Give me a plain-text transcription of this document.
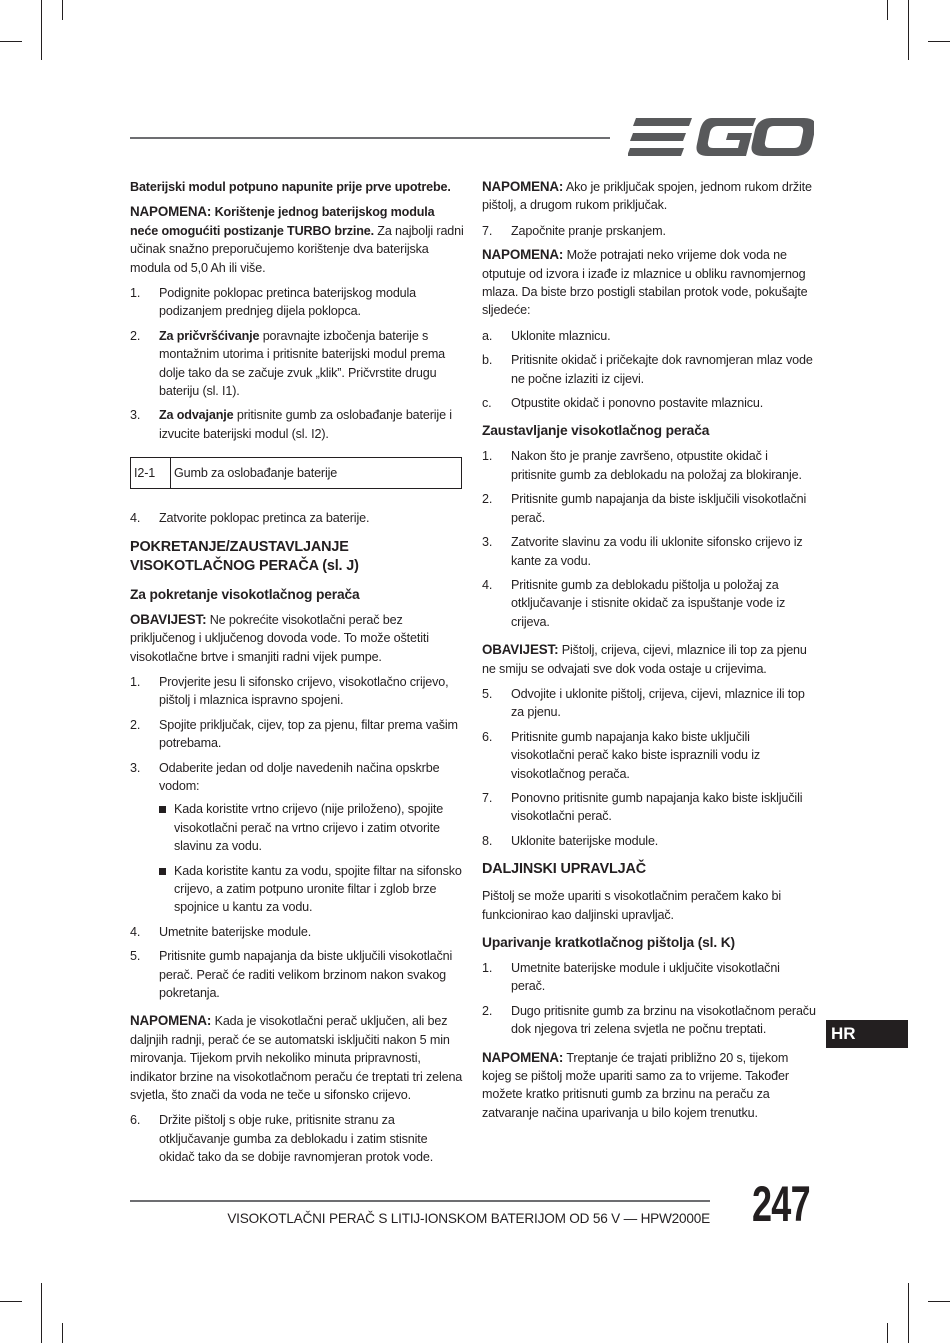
Baterijski modul potpuno napunite prije prve upotrebe.

NAPOMENA: Korištenje jednog baterijskog modula neće omogućiti postizanje TURBO brzine. Za najbolji radni učinak snažno preporučujemo korištenje dva baterijska modula od 5,0 Ah ili više.

1. Podignite poklopac pretinca baterijskog modula podizanjem prednjeg dijela poklopca.
2. Za pričvršćivanje poravnajte izbočenja baterije s montažnim utorima i pritisnite baterijski modul prema dolje tako da se začuje zvuk „klik”. Pričvrstite drugu bateriju (sl. I1).
3. Za odvajanje pritisnite gumb za oslobađanje baterije i izvucite baterijski modul (sl. I2).
I2-1	Gumb za oslobađanje baterije
4. Zatvorite poklopac pretinca za baterije.
POKRETANJE/ZAUSTAVLJANJE VISOKOTLAČNOG PERAČA (sl. J)
Za pokretanje visokotlačnog perača

OBAVIJEST: Ne pokrećite visokotlačni perač bez priključenog i uključenog dovoda vode. To može oštetiti visokotlačne brtve i smanjiti radni vijek pumpe.

1. Provjerite jesu li sifonsko crijevo, visokotlačno crijevo, pištolj i mlaznica ispravno spojeni.
2. Spojite priključak, cijev, top za pjenu, filtar prema vašim potrebama.
3. Odaberite jedan od dolje navedenih načina opskrbe vodom:
Kada koristite vrtno crijevo (nije priloženo), spojite visokotlačni perač na vrtno crijevo i zatim otvorite slavinu za vodu.
Kada koristite kantu za vodu, spojite filtar na sifonsko crijevo, a zatim potpuno uronite filtar i zglob brze spojnice u kantu za vodu.
4. Umetnite baterijske module.
5. Pritisnite gumb napajanja da biste uključili visokotlačni perač. Perač će raditi velikom brzinom nakon svakog pokretanja.

NAPOMENA: Kada je visokotlačni perač uključen, ali bez daljnjih radnji, perač će se automatski isključiti nakon 5 min mirovanja. Tijekom prvih nekoliko minuta pripravnosti, indikator brzine na visokotlačnom peraču će treptati tri zelena svjetla, što znači da voda ne teče u sifonsko crijevo.

6. Držite pištolj s obje ruke, pritisnite stranu za otključavanje gumba za deblokadu i zatim stisnite okidač tako da se dobije ravnomjeran protok vode.

NAPOMENA: Ako je priključak spojen, jednom rukom držite pištolj, a drugom rukom priključak.

7. Započnite pranje prskanjem.

NAPOMENA: Može potrajati neko vrijeme dok voda ne otputuje od izvora i izađe iz mlaznice u obliku ravnomjernog mlaza. Da biste brzo postigli stabilan protok vode, pokušajte sljedeće:

a. Uklonite mlaznicu.
b. Pritisnite okidač i pričekajte dok ravnomjeran mlaz vode ne počne izlaziti iz cijevi.
c. Otpustite okidač i ponovno postavite mlaznicu.
Zaustavljanje visokotlačnog perača
1. Nakon što je pranje završeno, otpustite okidač i pritisnite gumb za deblokadu na položaj za blokiranje.
2. Pritisnite gumb napajanja da biste isključili visokotlačni perač.
3. Zatvorite slavinu za vodu ili uklonite sifonsko crijevo iz kante za vodu.
4. Pritisnite gumb za deblokadu pištolja u položaj za otključavanje i stisnite okidač za ispuštanje vode iz crijeva.

OBAVIJEST: Pištolj, crijeva, cijevi, mlaznice ili top za pjenu ne smiju se odvajati sve dok voda ostaje u crijevima.

5. Odvojite i uklonite pištolj, crijeva, cijevi, mlaznice ili top za pjenu.
6. Pritisnite gumb napajanja kako biste uključili visokotlačni perač kako biste ispraznili vodu iz visokotlačnog perača.
7. Ponovno pritisnite gumb napajanja kako biste isključili visokotlačni perač.
8. Uklonite baterijske module.
DALJINSKI UPRAVLJAČ

Pištolj se može upariti s visokotlačnim peračem kako bi funkcionirao kao daljinski upravljač.

Uparivanje kratkotlačnog pištolja (sl. K)
1. Umetnite baterijske module i uključite visokotlačni perač.
2. Dugo pritisnite gumb za brzinu na visokotlačnom peraču dok njegova tri zelena svjetla ne počnu treptati.

NAPOMENA: Treptanje će trajati približno 20 s, tijekom kojeg se pištolj može upariti samo za to vrijeme. Također možete kratko pritisnuti gumb za brzinu na peraču za zatvaranje načina uparivanja u bilo kojem trenutku.

HR
VISOKOTLAČNI PERAČ S LITIJ-IONSKOM BATERIJOM OD 56 V — HPW2000E 247
